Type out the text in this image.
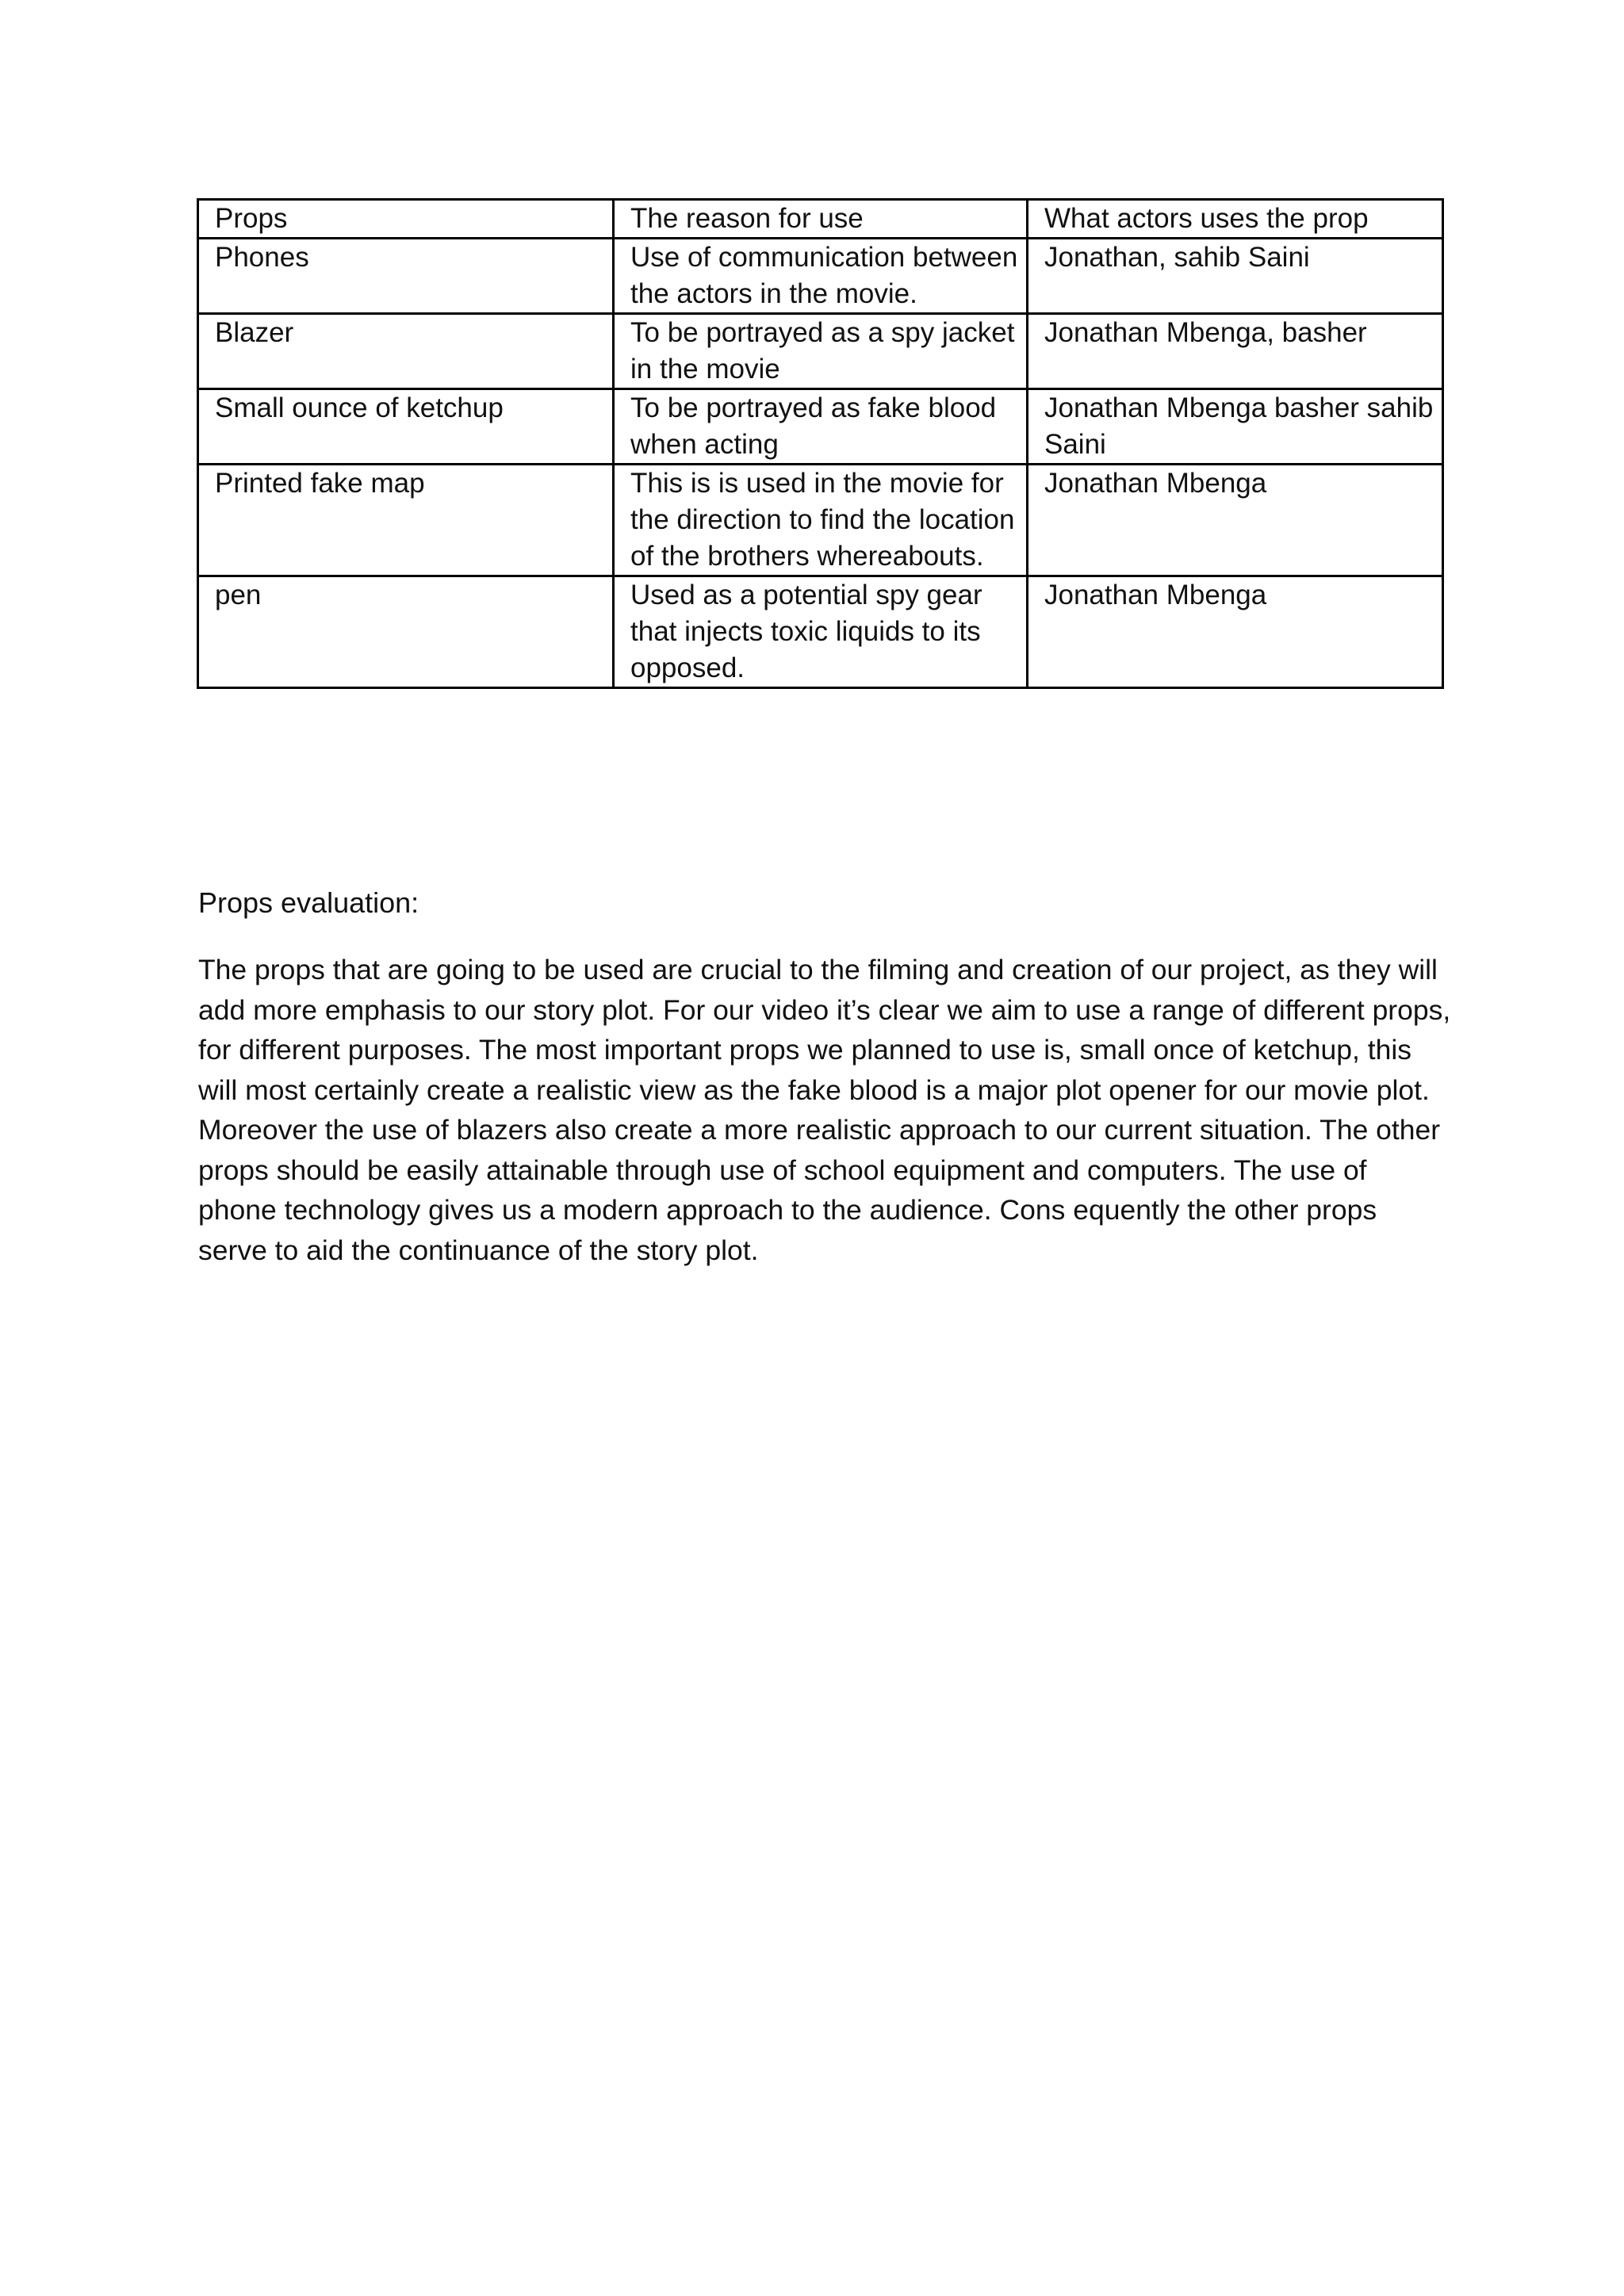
Props	The reason for use	What actors uses the prop
Phones	Use of communication between the actors in the movie.	Jonathan, sahib Saini
Blazer	To be portrayed as a spy jacket in the movie	Jonathan Mbenga, basher
Small ounce of ketchup	To be portrayed as fake blood when acting	Jonathan Mbenga basher sahib Saini
Printed fake map	This is is used in the movie for the direction to find the location of the brothers whereabouts.	Jonathan Mbenga
pen	Used as a potential spy gear that injects toxic liquids to its opposed.	Jonathan Mbenga

Props evaluation:

The props that are going to be used are crucial to the filming and creation of our project, as they will add more emphasis to our story plot. For our video it’s clear we aim to use a range of different props, for different purposes. The most important props we planned to use is, small once of ketchup, this will most certainly create a realistic view as the fake blood is a major plot opener for our movie plot. Moreover the use of blazers also create a more realistic approach to our current situation. The other props should be easily attainable through use of school equipment and computers. The use of phone technology gives us a modern approach to the audience. Cons equently the other props serve to aid the continuance of the story plot.
